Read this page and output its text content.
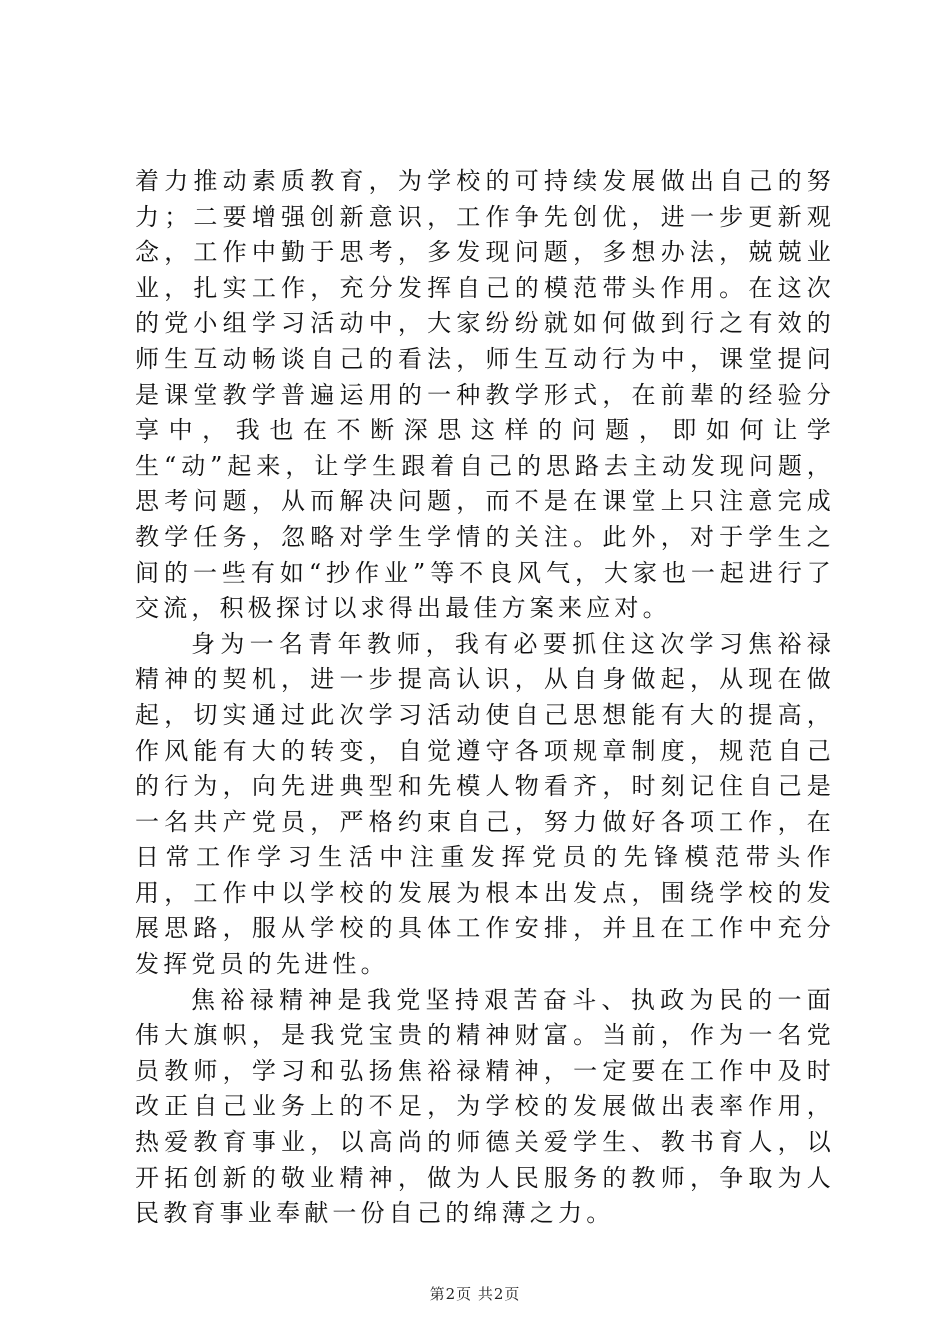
着力推动素质教育，为学校的可持续发展做出自己的努力；二要增强创新意识，工作争先创优，进一步更新观念，工作中勤于思考，多发现问题，多想办法，兢兢业业，扎实工作，充分发挥自己的模范带头作用。在这次的党小组学习活动中，大家纷纷就如何做到行之有效的师生互动畅谈自己的看法，师生互动行为中，课堂提问是课堂教学普遍运用的一种教学形式，在前辈的经验分享中，我也在不断深思这样的问题，即如何让学生“动”起来，让学生跟着自己的思路去主动发现问题，思考问题，从而解决问题，而不是在课堂上只注意完成教学任务，忽略对学生学情的关注。此外，对于学生之间的一些有如“抄作业”等不良风气，大家也一起进行了交流，积极探讨以求得出最佳方案来应对。

身为一名青年教师，我有必要抓住这次学习焦裕禄精神的契机，进一步提高认识，从自身做起，从现在做起，切实通过此次学习活动使自己思想能有大的提高，作风能有大的转变，自觉遵守各项规章制度，规范自己的行为，向先进典型和先模人物看齐，时刻记住自己是一名共产党员，严格约束自己，努力做好各项工作，在日常工作学习生活中注重发挥党员的先锋模范带头作用，工作中以学校的发展为根本出发点，围绕学校的发展思路，服从学校的具体工作安排，并且在工作中充分发挥党员的先进性。

焦裕禄精神是我党坚持艰苦奋斗、执政为民的一面伟大旗帜，是我党宝贵的精神财富。当前，作为一名党员教师，学习和弘扬焦裕禄精神，一定要在工作中及时改正自己业务上的不足，为学校的发展做出表率作用，热爱教育事业，以高尚的师德关爱学生、教书育人，以开拓创新的敬业精神，做为人民服务的教师，争取为人民教育事业奉献一份自己的绵薄之力。

第2页 共2页
